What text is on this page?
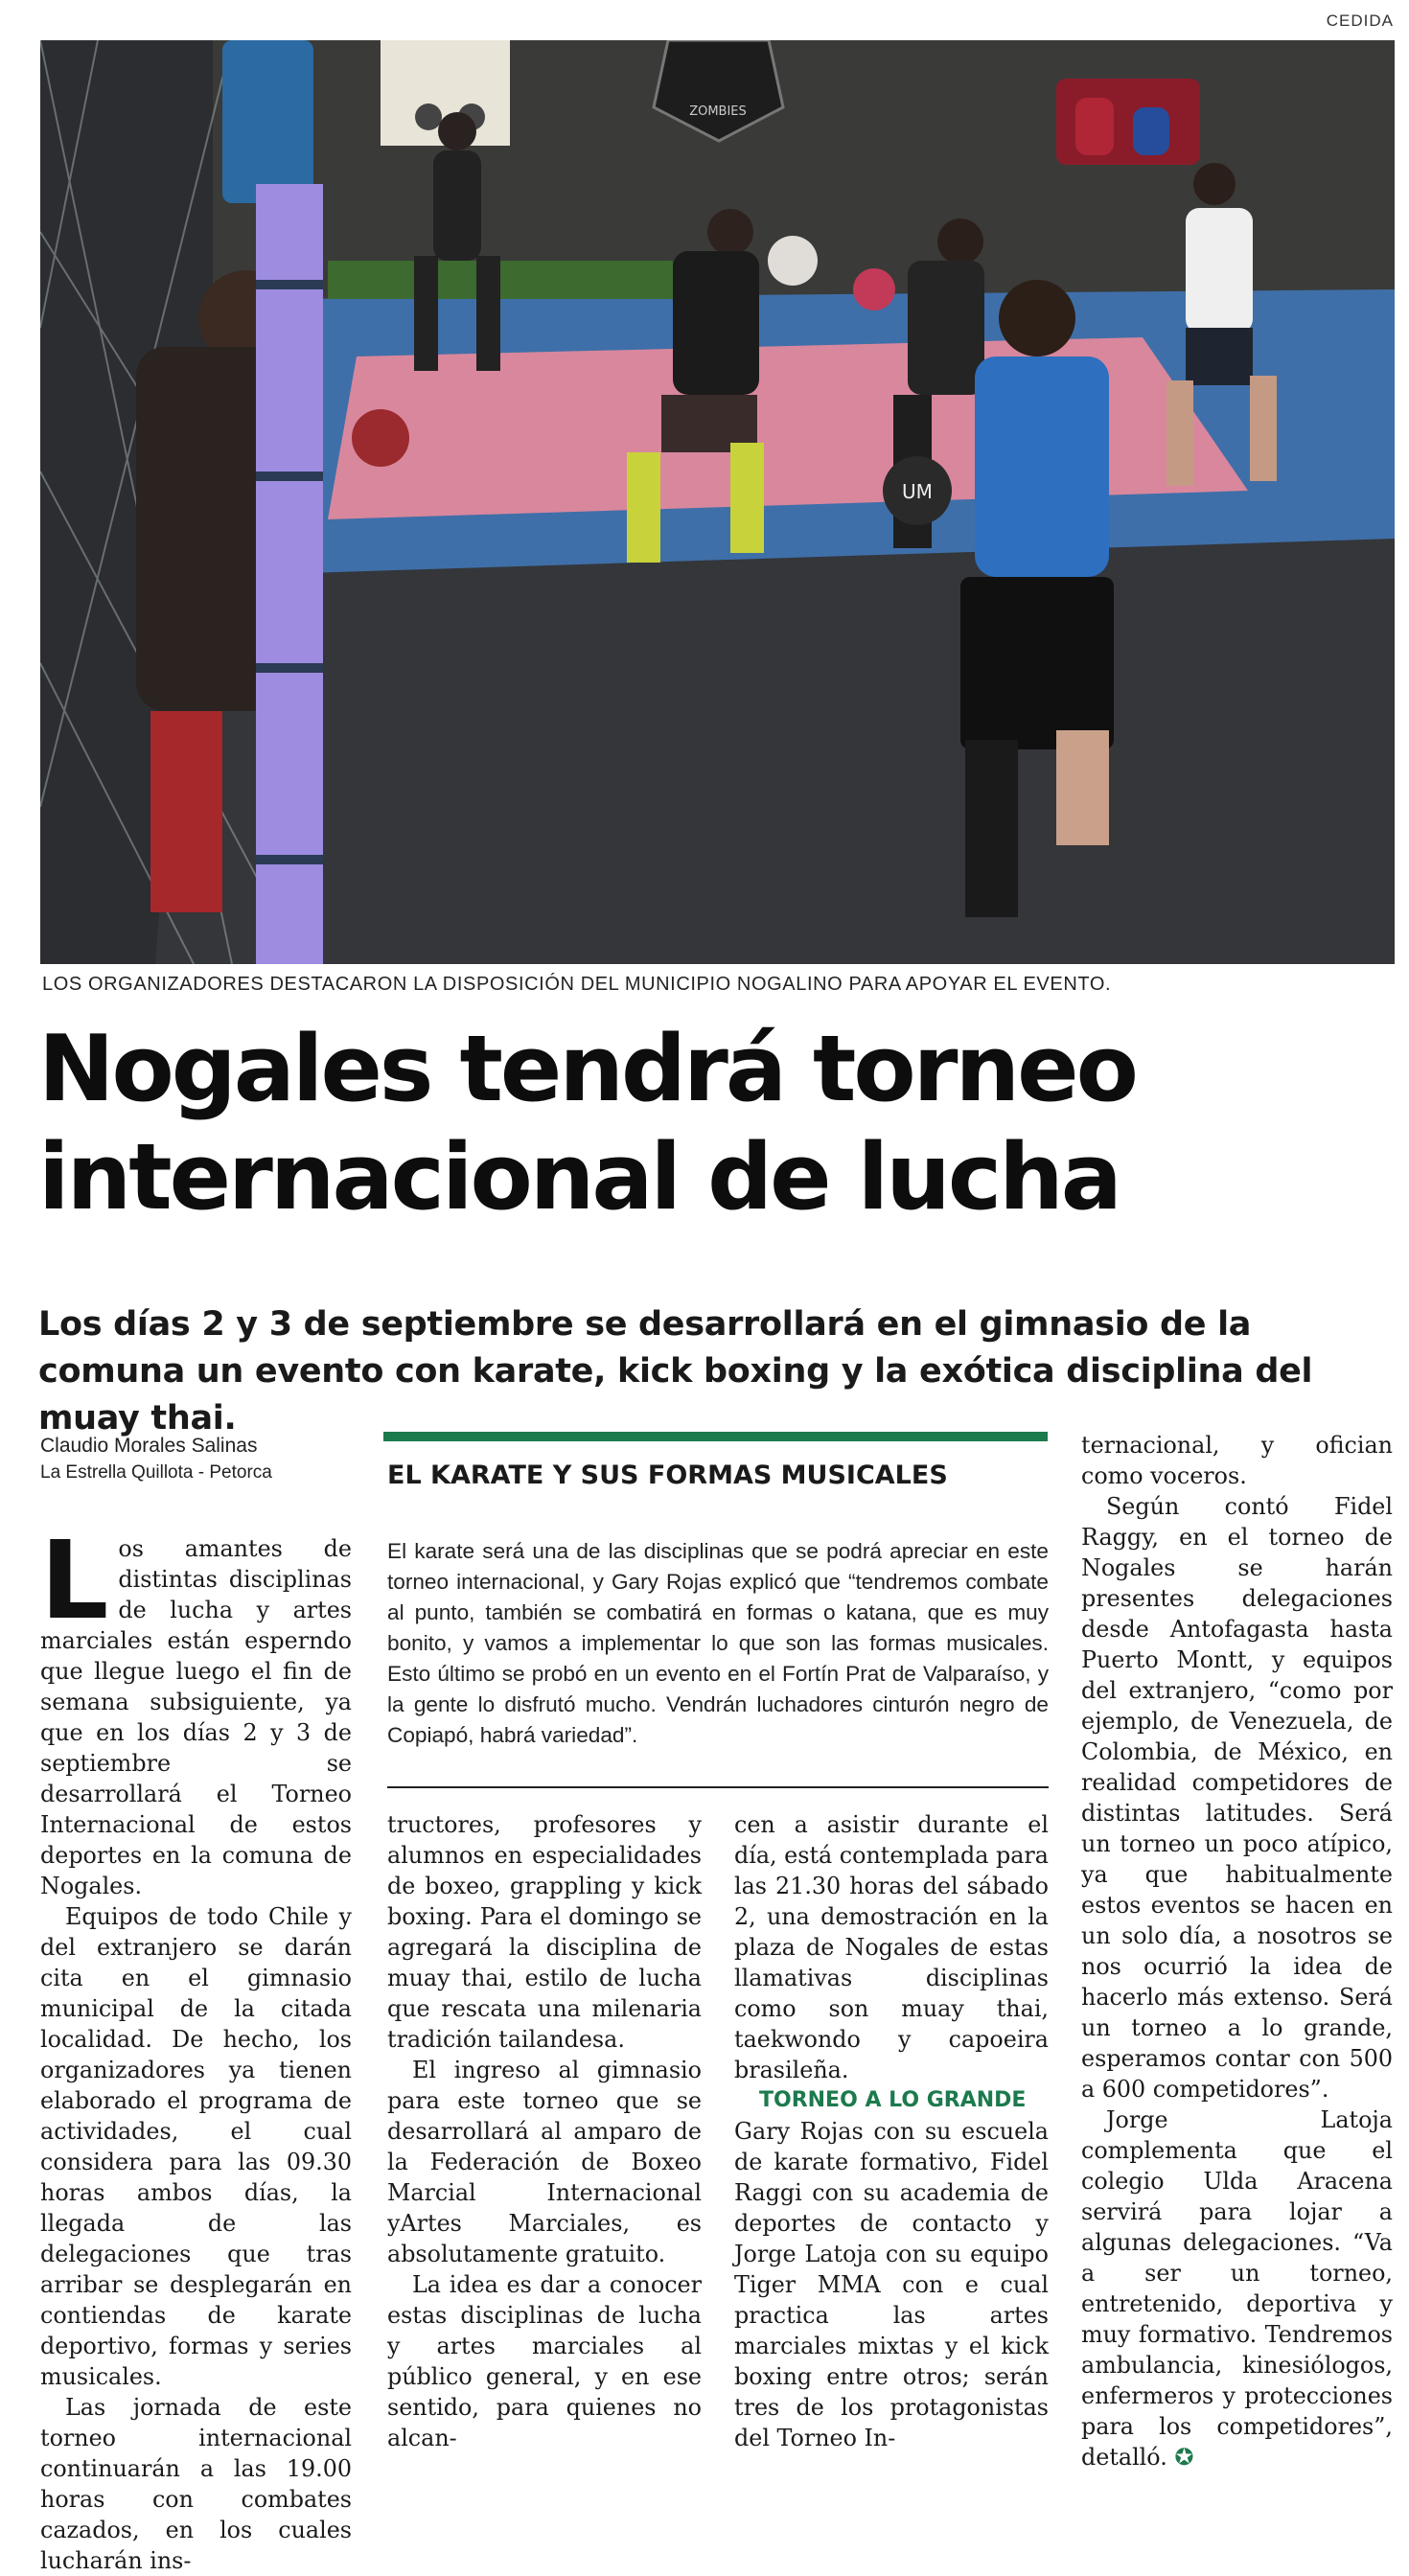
CEDIDA
ZOMBIES
UM
LOS ORGANIZADORES DESTACARON LA DISPOSICIÓN DEL MUNICIPIO NOGALINO PARA APOYAR EL EVENTO.
Nogales tendrá torneo
internacional de lucha

Los días 2 y 3 de septiembre se desarrollará en el gimnasio de la comuna un evento con karate, kick boxing y la exótica disciplina del muay thai.

Claudio Morales Salinas
La Estrella Quillota - Petorca

Los amantes de distintas disciplinas de lucha y artes marciales están esperndo que llegue luego el fin de semana subsiguiente, ya que en los días 2 y 3 de septiembre se desarrollará el Torneo Internacional de estos deportes en la comuna de Nogales.

Equipos de todo Chile y del extranjero se darán cita en el gimnasio municipal de la citada localidad. De hecho, los organizadores ya tienen elaborado el programa de actividades, el cual considera para las 09.30 horas ambos días, la llegada de las delegaciones que tras arribar se desplegarán en contiendas de karate deportivo, formas y series musicales.

Las jornada de este torneo internacional continuarán a las 19.00 horas con combates cazados, en los cuales lucharán ins-

EL KARATE Y SUS FORMAS MUSICALES

El karate será una de las disciplinas que se podrá apreciar en este torneo internacional, y Gary Rojas explicó que “tendremos combate al punto, también se combatirá en formas o katana, que es muy bonito, y vamos a implementar lo que son las formas musicales. Esto último se probó en un evento en el Fortín Prat de Valparaíso, y la gente lo disfrutó mucho. Vendrán luchadores cinturón negro de Copiapó, habrá variedad”.

tructores, profesores y alumnos en especialidades de boxeo, grappling y kick boxing. Para el domingo se agregará la disciplina de muay thai, estilo de lucha que rescata una milenaria tradición tailandesa.

El ingreso al gimnasio para este torneo que se desarrollará al amparo de la Federación de Boxeo Marcial Internacional yArtes Marciales, es absolutamente gratuito.

La idea es dar a conocer estas disciplinas de lucha y artes marciales al público general, y en ese sentido, para quienes no alcan-

cen a asistir durante el día, está contemplada para las 21.30 horas del sábado 2, una demostración en la plaza de Nogales de estas llamativas disciplinas como son muay thai, taekwondo y capoeira brasileña.

TORNEO A LO GRANDE

Gary Rojas con su escuela de karate formativo, Fidel Raggi con su academia de deportes de contacto y Jorge Latoja con su equipo Tiger MMA con e cual practica las artes marciales mixtas y el kick boxing entre otros; serán tres de los protagonistas del Torneo In-

ternacional, y ofician como voceros.

Según contó Fidel Raggy, en el torneo de Nogales se harán presentes delegaciones desde Antofagasta hasta Puerto Montt, y equipos del extranjero, “como por ejemplo, de Venezuela, de Colombia, de México, en realidad competidores de distintas latitudes. Será un torneo un poco atípico, ya que habitualmente estos eventos se hacen en un solo día, a nosotros se nos ocurrió la idea de hacerlo más extenso. Será un torneo a lo grande, esperamos contar con 500 a 600 competidores”.

Jorge Latoja complementa que el colegio Ulda Aracena servirá para lojar a algunas delegaciones. “Va a ser un torneo, entretenido, deportiva y muy formativo. Tendremos ambulancia, kinesiólogos, enfermeros y protecciones para los competidores”, detalló. ✪
